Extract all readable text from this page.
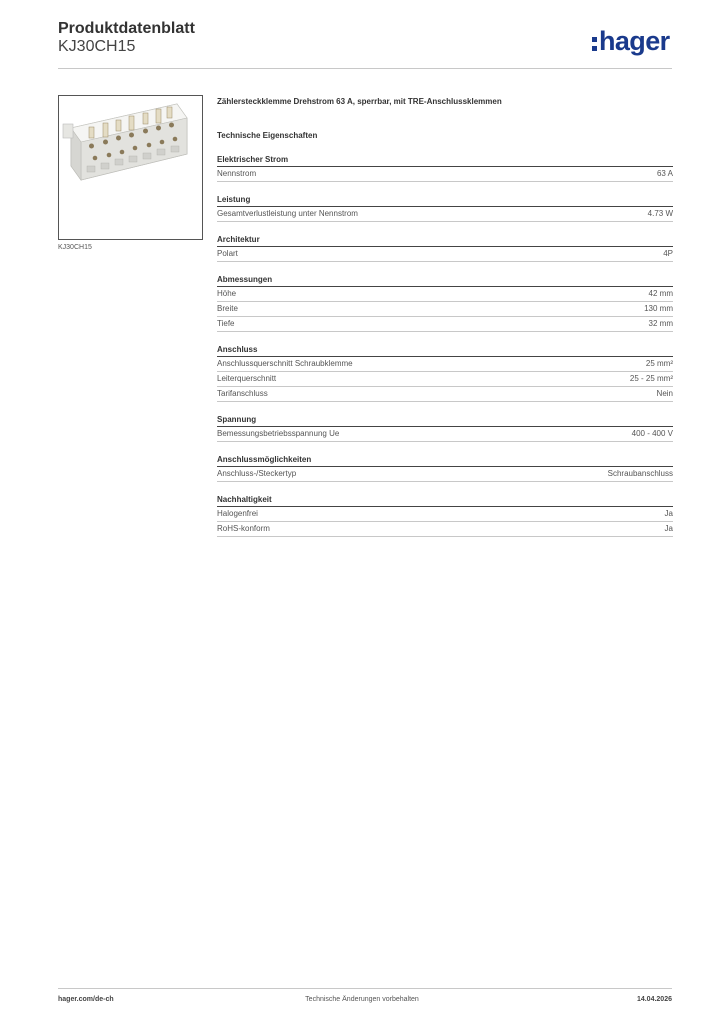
Produktdatenblatt
KJ30CH15	hager
KJ30CH15
Zählersteckklemme Drehstrom 63 A, sperrbar, mit TRE-Anschlussklemmen
Technische Eigenschaften
Elektrischer Strom
Nennstrom	63 A
Leistung
Gesamtverlustleistung unter Nennstrom	4.73 W
Architektur
Polart	4P
Abmessungen
Höhe	42 mm
Breite	130 mm
Tiefe	32 mm
Anschluss
Anschlussquerschnitt Schraubklemme	25 mm²
Leiterquerschnitt	25 - 25 mm²
Tarifanschluss	Nein
Spannung
Bemessungsbetriebsspannung Ue	400 - 400 V
Anschlussmöglichkeiten
Anschluss-/Steckertyp	Schraubanschluss
Nachhaltigkeit
Halogenfrei	Ja
RoHS-konform	Ja
hager.com/de-ch	Technische Änderungen vorbehalten	14.04.2026
